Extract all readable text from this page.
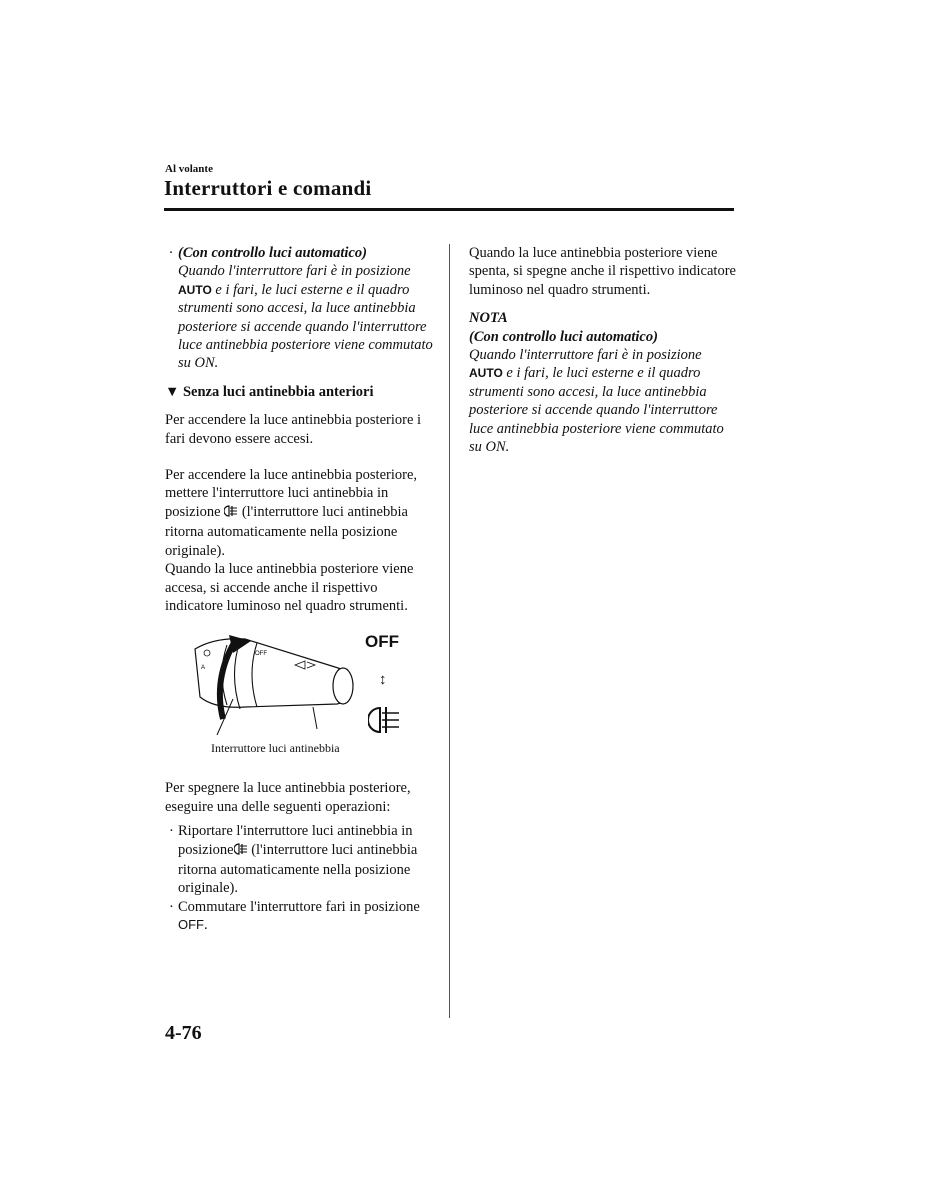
Al volante
Interruttori e comandi
· (Con controllo luci automatico)
Quando l'interruttore fari è in posizione
AUTO e i fari, le luci esterne e il quadro strumenti sono accesi, la luce antinebbia posteriore si accende quando l'interruttore luce antinebbia posteriore viene commutato su ON.

▼ Senza luci antinebbia anteriori

Per accendere la luce antinebbia posteriore i fari devono essere accesi.

Per accendere la luce antinebbia posteriore, mettere l'interruttore luci antinebbia in posizione  (l'interruttore luci antinebbia ritorna automaticamente nella posizione originale).

Quando la luce antinebbia posteriore viene accesa, si accende anche il rispettivo indicatore luminoso nel quadro strumenti.

A
OFF
OFF
↕
Interruttore luci antinebbia

Per spegnere la luce antinebbia posteriore, eseguire una delle seguenti operazioni:

· Riportare l'interruttore luci antinebbia in posizione (l'interruttore luci antinebbia ritorna automaticamente nella posizione originale).
· Commutare l'interruttore fari in posizione OFF.

Quando la luce antinebbia posteriore viene spenta, si spegne anche il rispettivo indicatore luminoso nel quadro strumenti.

NOTA

(Con controllo luci automatico)

Quando l'interruttore fari è in posizione
AUTO e i fari, le luci esterne e il quadro strumenti sono accesi, la luce antinebbia posteriore si accende quando l'interruttore luce antinebbia posteriore viene commutato su ON.

4-76
